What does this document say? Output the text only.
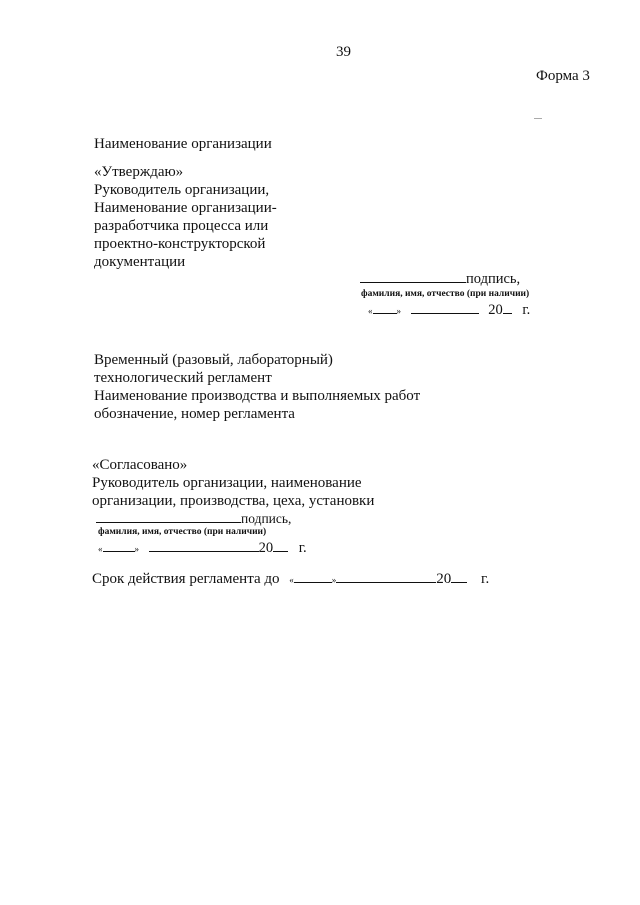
39
Форма 3
Наименование организации
«Утверждаю»
Руководитель организации,
Наименование организации-
разработчика процесса или
проектно-конструкторской
документации
подпись,
фамилия, имя, отчество (при наличии)
«	»	20 г.
Временный (разовый, лабораторный)
технологический регламент
Наименование производства и выполняемых работ
обозначение, номер регламента
«Согласовано»
Руководитель организации, наименование
организации, производства, цеха, установки
подпись,
фамилия, имя, отчество (при наличии)
«	»	20 г.
Срок действия регламента до «	»	20 г.
